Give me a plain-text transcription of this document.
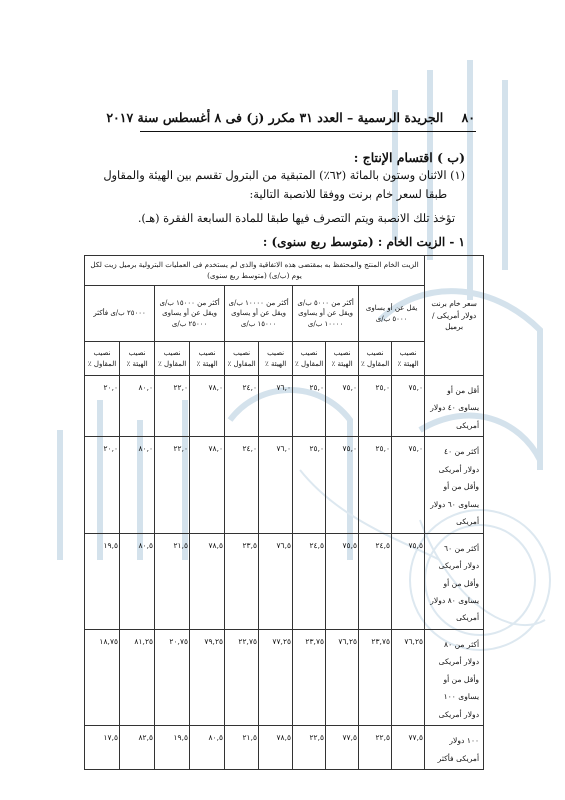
٨٠ الجريدة الرسمية – العدد ٣١ مكرر (ز) فى ٨ أغسطس سنة ٢٠١٧
(ب ) اقتسام الإنتاج :
(١) الاثنان وستون بالمائة (٦٢٪) المتبقية من البترول تقسم بين الهيئة والمقاول
طبقا لسعر خام برنت ووفقا للانصبة التالية:
تؤخذ تلك الانصبة ويتم التصرف فيها طبقا للمادة السابعة الفقرة (هـ).
١ - الزيت الخام : (متوسط ربع سنوى) :
سعر خام برنت دولار أمريكى / برميل	الزيت الخام المنتج والمحتفظ به بمقتضى هذه الاتفاقية والذى لم يستخدم فى العمليات البترولية برميل زيت لكل يوم (ب/ى) (متوسط ربع سنوى)									
	يقل عن أو يساوى ٥٠٠٠ ب/ى		أكثر من ٥٠٠٠ ب/ى ويقل عن أو يساوى ١٠٠٠٠ ب/ى		أكثر من ١٠٠٠٠ ب/ى ويقل عن أو يساوى ١٥٠٠٠ ب/ى		أكثر من ١٥٠٠٠ ب/ى ويقل عن أو يساوى ٢٥٠٠٠ ب/ى		٢٥٠٠٠ ب/ى فأكثر	
	نصيب الهيئة ٪	نصيب المقاول ٪	نصيب الهيئة ٪	نصيب المقاول ٪	نصيب الهيئة ٪	نصيب المقاول ٪	نصيب الهيئة ٪	نصيب المقاول ٪	نصيب الهيئة ٪	نصيب المقاول ٪
أقل من أو يساوى ٤٠ دولار أمريكى	٧٥,٠	٢٥,٠	٧٥,٠	٢٥,٠	٧٦,٠	٢٤,٠	٧٨,٠	٢٢,٠	٨٠,٠	٢٠,٠
أكثر من ٤٠ دولار أمريكى وأقل من أو يساوى ٦٠ دولار أمريكى	٧٥,٠	٢٥,٠	٧٥,٠	٢٥,٠	٧٦,٠	٢٤,٠	٧٨,٠	٢٢,٠	٨٠,٠	٢٠,٠
أكثر من ٦٠ دولار أمريكى وأقل من أو يساوى ٨٠ دولار أمريكى	٧٥,٥	٢٤,٥	٧٥,٥	٢٤,٥	٧٦,٥	٢٣,٥	٧٨,٥	٢١,٥	٨٠,٥	١٩,٥
أكثر من ٨٠ دولار أمريكى وأقل من أو يساوى ١٠٠ دولار أمريكى	٧٦,٢٥	٢٣,٧٥	٧٦,٢٥	٢٣,٧٥	٧٧,٢٥	٢٢,٧٥	٧٩,٢٥	٢٠,٧٥	٨١,٢٥	١٨,٧٥
١٠٠ دولار أمريكى فأكثر	٧٧,٥	٢٢,٥	٧٧,٥	٢٢,٥	٧٨,٥	٢١,٥	٨٠,٥	١٩,٥	٨٢,٥	١٧,٥
